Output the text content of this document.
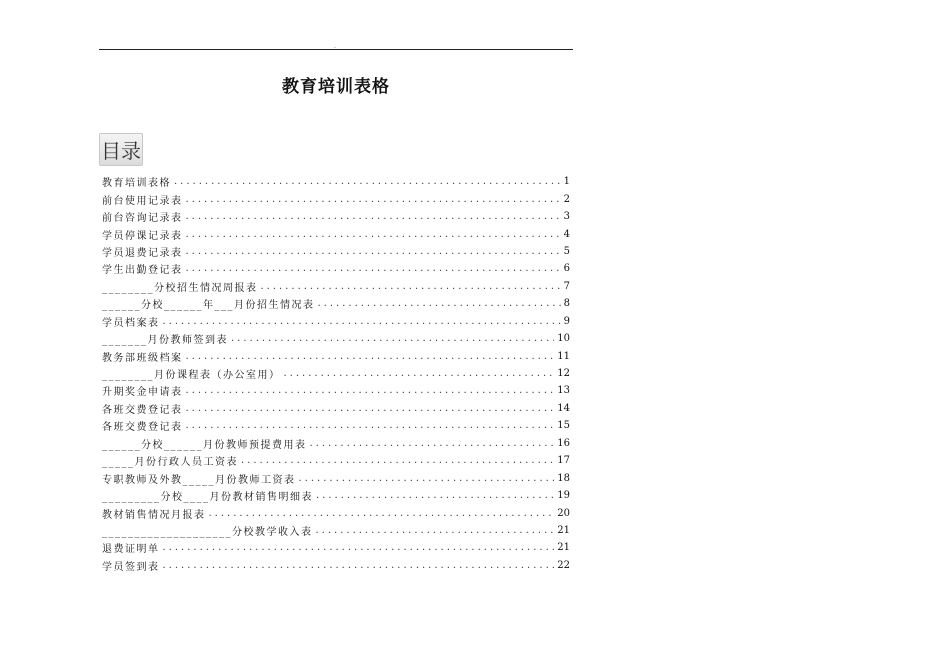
.
教育培训表格
目录
教育培训表格 .....	1
前台使用记录表 .....	2
前台咨询记录表 .....	3
学员停课记录表 .....	4
学员退费记录表 .....	5
学生出勤登记表 .....	6
________分校招生情况周报表 .....	7
______分校______年___月份招生情况表 .....	8
学员档案表 .....	9
_______月份教师签到表 .....	10
教务部班级档案 .....	11
________月份课程表（办公室用） .....	12
升期奖金申请表 .....	13
各班交费登记表 .....	14
各班交费登记表 .....	15
______分校______月份教师预提费用表 .....	16
_____月份行政人员工资表 .....	17
专职教师及外教_____月份教师工资表 .....	18
_________分校____月份教材销售明细表 .....	19
教材销售情况月报表 .....	20
____________________分校教学收入表 .....	21
退费证明单 .....	21
学员签到表 .....	22
